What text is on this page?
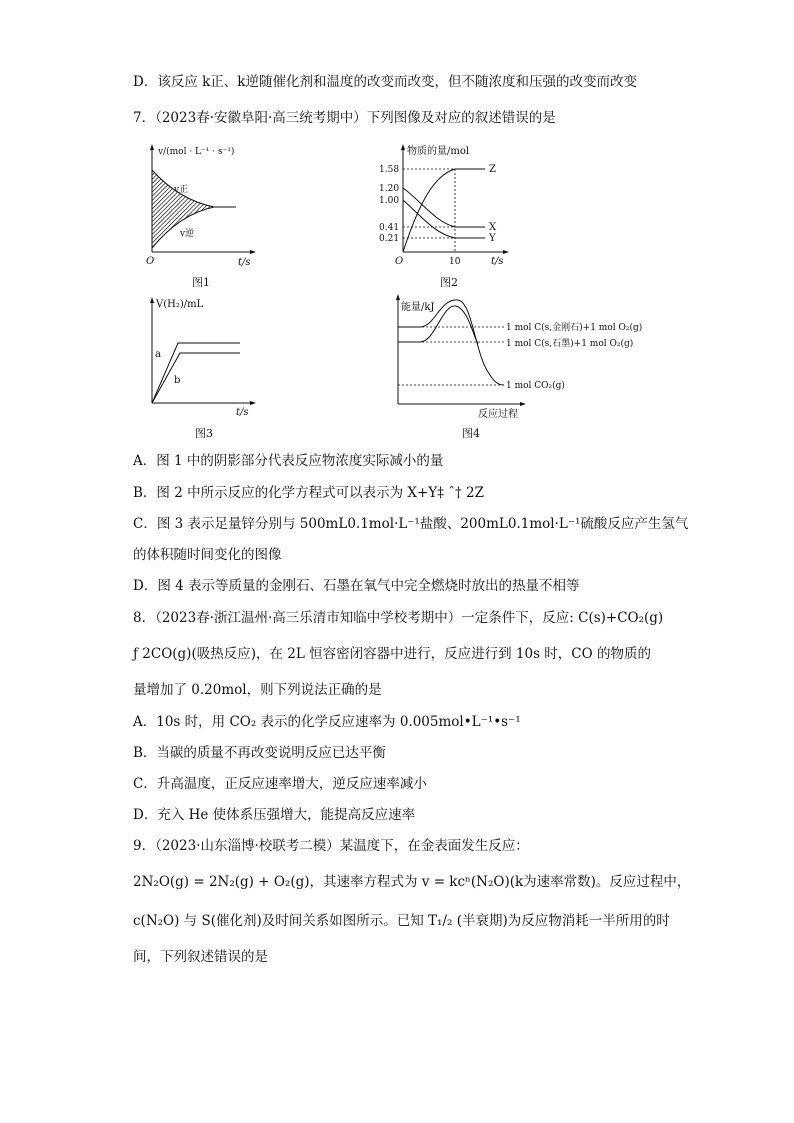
D．该反应 k正、k逆随催化剂和温度的改变而改变，但不随浓度和压强的改变而改变
7．（2023春·安徽阜阳·高三统考期中）下列图像及对应的叙述错误的是
v/(mol · L⁻¹ · s⁻¹)
t/s
O
v正
v逆
图1
物质的量/mol
1.58
1.20
1.00
0.41
0.21
Z
X
Y
O	10	t/s
图2
V(H₂)/mL
a
b
t/s
图3
能量/kJ
1 mol C(s,金刚石)+1 mol O₂(g)
1 mol C(s,石墨)+1 mol O₂(g)
1 mol CO₂(g)
反应过程
图4
A．图 1 中的阴影部分代表反应物浓度实际减小的量
B．图 2 中所示反应的化学方程式可以表示为 X+Y‡ ˆ† 2Z
C．图 3 表示足量锌分别与 500mL0.1mol·L⁻¹盐酸、200mL0.1mol·L⁻¹硫酸反应产生氢气
的体积随时间变化的图像
D．图 4 表示等质量的金刚石、石墨在氧气中完全燃烧时放出的热量不相等
8．（2023春·浙江温州·高三乐清市知临中学校考期中）一定条件下，反应: C(s)+CO₂(g)
ƒ 2CO(g)(吸热反应)，在 2L 恒容密闭容器中进行，反应进行到 10s 时，CO 的物质的
量增加了 0.20mol，则下列说法正确的是
A．10s 时，用 CO₂ 表示的化学反应速率为 0.005mol•L⁻¹•s⁻¹
B．当碳的质量不再改变说明反应已达平衡
C．升高温度，正反应速率增大，逆反应速率减小
D．充入 He 使体系压强增大，能提高反应速率
9．（2023·山东淄博·校联考二模）某温度下，在金表面发生反应：
2N₂O(g) = 2N₂(g) + O₂(g)，其速率方程式为 v = kcⁿ(N₂O)(k为速率常数)。反应过程中，
c(N₂O) 与 S(催化剂)及时间关系如图所示。已知 T₁/₂ (半衰期)为反应物消耗一半所用的时
间，下列叙述错误的是
